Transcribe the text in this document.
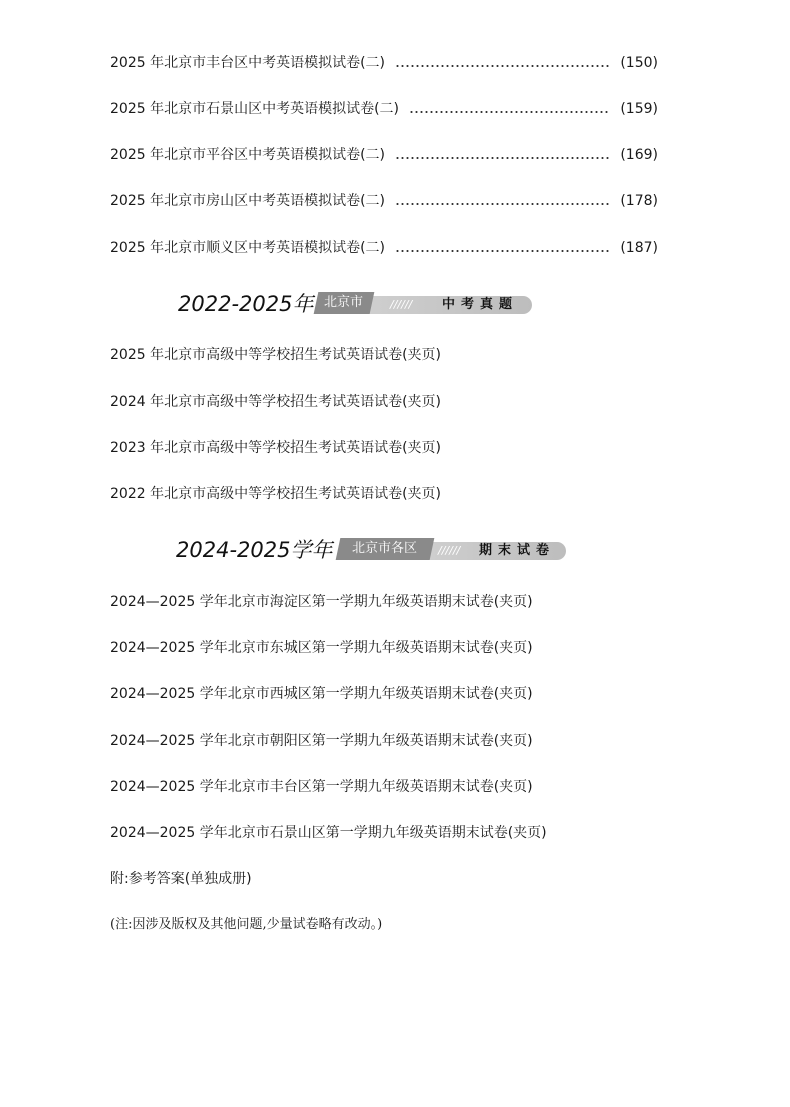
2025 年北京市丰台区中考英语模拟试卷(二)	(150)
2025 年北京市石景山区中考英语模拟试卷(二)	(159)
2025 年北京市平谷区中考英语模拟试卷(二)	(169)
2025 年北京市房山区中考英语模拟试卷(二)	(178)
2025 年北京市顺义区中考英语模拟试卷(二)	(187)
2022-2025年 北京市	////// 中考真题
2025 年北京市高级中等学校招生考试英语试卷(夹页)
2024 年北京市高级中等学校招生考试英语试卷(夹页)
2023 年北京市高级中等学校招生考试英语试卷(夹页)
2022 年北京市高级中等学校招生考试英语试卷(夹页)
2024-2025学年	北京市各区	////// 期末试卷
2024—2025 学年北京市海淀区第一学期九年级英语期末试卷(夹页)
2024—2025 学年北京市东城区第一学期九年级英语期末试卷(夹页)
2024—2025 学年北京市西城区第一学期九年级英语期末试卷(夹页)
2024—2025 学年北京市朝阳区第一学期九年级英语期末试卷(夹页)
2024—2025 学年北京市丰台区第一学期九年级英语期末试卷(夹页)
2024—2025 学年北京市石景山区第一学期九年级英语期末试卷(夹页)
附:参考答案(单独成册)
(注:因涉及版权及其他问题,少量试卷略有改动。)
